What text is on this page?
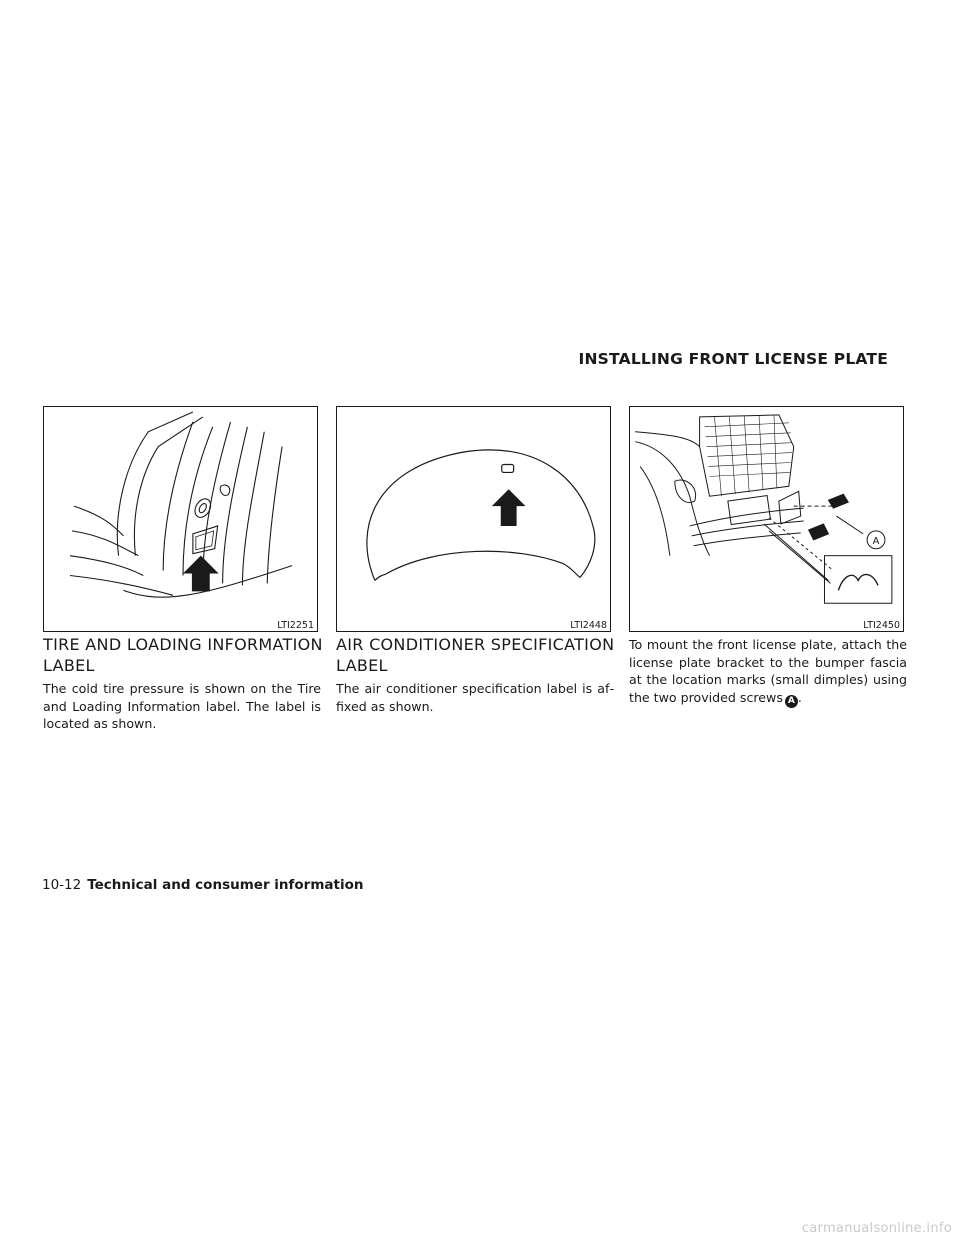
INSTALLING FRONT LICENSE PLATE
LTI2251	LTI2448
A
LTI2450
TIRE AND LOADING INFORMATION LABEL

The cold tire pressure is shown on the Tire and Loading Information label. The label is located as shown.

AIR CONDITIONER SPECIFICATION LABEL

The air conditioner specification label is affixed as shown.

To mount the front license plate, attach the license plate bracket to the bumper fascia at the location marks (small dimples) using the two provided screws A .

10-12 Technical and consumer information
carmanualsonline.info
